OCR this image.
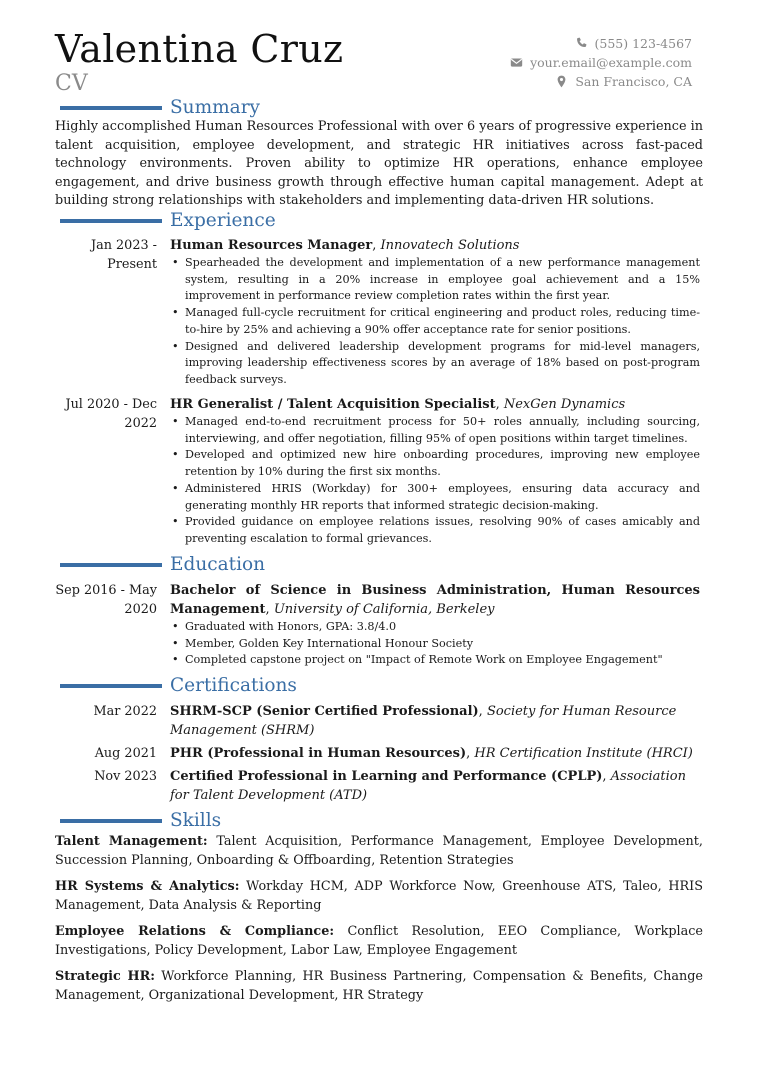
Valentina Cruz
CV
(555) 123-4567
your.email@example.com
San Francisco, CA
Summary
Highly accomplished Human Resources Professional with over 6 years of progressive experience in talent acquisition, employee development, and strategic HR initiatives across fast-paced technology environments. Proven ability to optimize HR operations, enhance employee engagement, and drive business growth through effective human capital management. Adept at building strong relationships with stakeholders and implementing data-driven HR solutions.
Experience
Jan 2023 - Present
Human Resources Manager, Innovatech Solutions
• Spearheaded the development and implementation of a new performance management system, resulting in a 20% increase in employee goal achievement and a 15% improvement in performance review completion rates within the first year.
• Managed full-cycle recruitment for critical engineering and product roles, reducing time-to-hire by 25% and achieving a 90% offer acceptance rate for senior positions.
• Designed and delivered leadership development programs for mid-level managers, improving leadership effectiveness scores by an average of 18% based on post-program feedback surveys.
Jul 2020 - Dec 2022
HR Generalist / Talent Acquisition Specialist, NexGen Dynamics
• Managed end-to-end recruitment process for 50+ roles annually, including sourcing, interviewing, and offer negotiation, filling 95% of open positions within target timelines.
• Developed and optimized new hire onboarding procedures, improving new employee retention by 10% during the first six months.
• Administered HRIS (Workday) for 300+ employees, ensuring data accuracy and generating monthly HR reports that informed strategic decision-making.
• Provided guidance on employee relations issues, resolving 90% of cases amicably and preventing escalation to formal grievances.
Education
Sep 2016 - May 2020
Bachelor of Science in Business Administration, Human Resources Management, University of California, Berkeley
• Graduated with Honors, GPA: 3.8/4.0
• Member, Golden Key International Honour Society
• Completed capstone project on "Impact of Remote Work on Employee Engagement"
Certifications
Mar 2022 SHRM-SCP (Senior Certified Professional), Society for Human Resource Management (SHRM)
Aug 2021 PHR (Professional in Human Resources), HR Certification Institute (HRCI)
Nov 2023 Certified Professional in Learning and Performance (CPLP), Association for Talent Development (ATD)
Skills
Talent Management: Talent Acquisition, Performance Management, Employee Development, Succession Planning, Onboarding & Offboarding, Retention Strategies
HR Systems & Analytics: Workday HCM, ADP Workforce Now, Greenhouse ATS, Taleo, HRIS Management, Data Analysis & Reporting
Employee Relations & Compliance: Conflict Resolution, EEO Compliance, Workplace Investigations, Policy Development, Labor Law, Employee Engagement
Strategic HR: Workforce Planning, HR Business Partnering, Compensation & Benefits, Change Management, Organizational Development, HR Strategy
